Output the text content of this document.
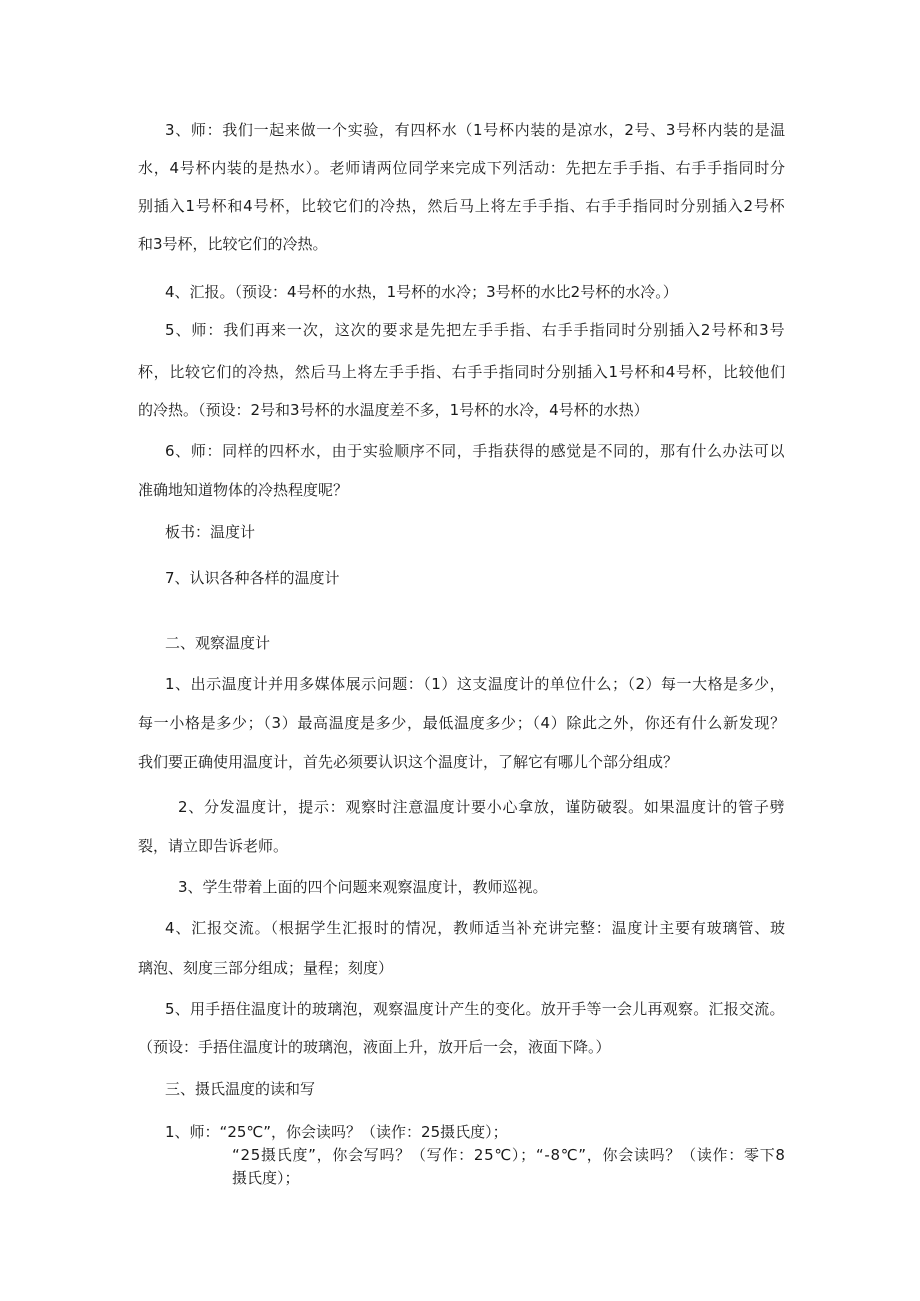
3、师：我们一起来做一个实验，有四杯水（1号杯内装的是凉水，2号、3号杯内装的是温
水，4号杯内装的是热水）。老师请两位同学来完成下列活动：先把左手手指、右手手指同时分
别插入1号杯和4号杯，比较它们的冷热，然后马上将左手手指、右手手指同时分别插入2号杯
和3号杯，比较它们的冷热。
4、汇报。（预设：4号杯的水热，1号杯的水冷；3号杯的水比2号杯的水冷。）
5、师：我们再来一次，这次的要求是先把左手手指、右手手指同时分别插入2号杯和3号
杯，比较它们的冷热，然后马上将左手手指、右手手指同时分别插入1号杯和4号杯，比较他们
的冷热。（预设：2号和3号杯的水温度差不多，1号杯的水冷，4号杯的水热）
6、师：同样的四杯水，由于实验顺序不同，手指获得的感觉是不同的，那有什么办法可以
准确地知道物体的冷热程度呢？
板书：温度计
7、认识各种各样的温度计
二、观察温度计
1、出示温度计并用多媒体展示问题：（1）这支温度计的单位什么；（2）每一大格是多少，
每一小格是多少；（3）最高温度是多少，最低温度多少；（4）除此之外，你还有什么新发现？
我们要正确使用温度计，首先必须要认识这个温度计，了解它有哪儿个部分组成？
2、分发温度计，提示：观察时注意温度计要小心拿放，谨防破裂。如果温度计的管子劈
裂，请立即告诉老师。
3、学生带着上面的四个问题来观察温度计，教师巡视。
4、汇报交流。（根据学生汇报时的情况，教师适当补充讲完整：温度计主要有玻璃管、玻
璃泡、刻度三部分组成；量程；刻度）
5、用手捂住温度计的玻璃泡，观察温度计产生的变化。放开手等一会儿再观察。汇报交流。
（预设：手捂住温度计的玻璃泡，液面上升，放开后一会，液面下降。）
三、摄氏温度的读和写
1、师：“25℃”，你会读吗？（读作：25摄氏度）；
“25摄氏度”，你会写吗？（写作：25℃）；“-8℃”，你会读吗？（读作：零下8
摄氏度）；
